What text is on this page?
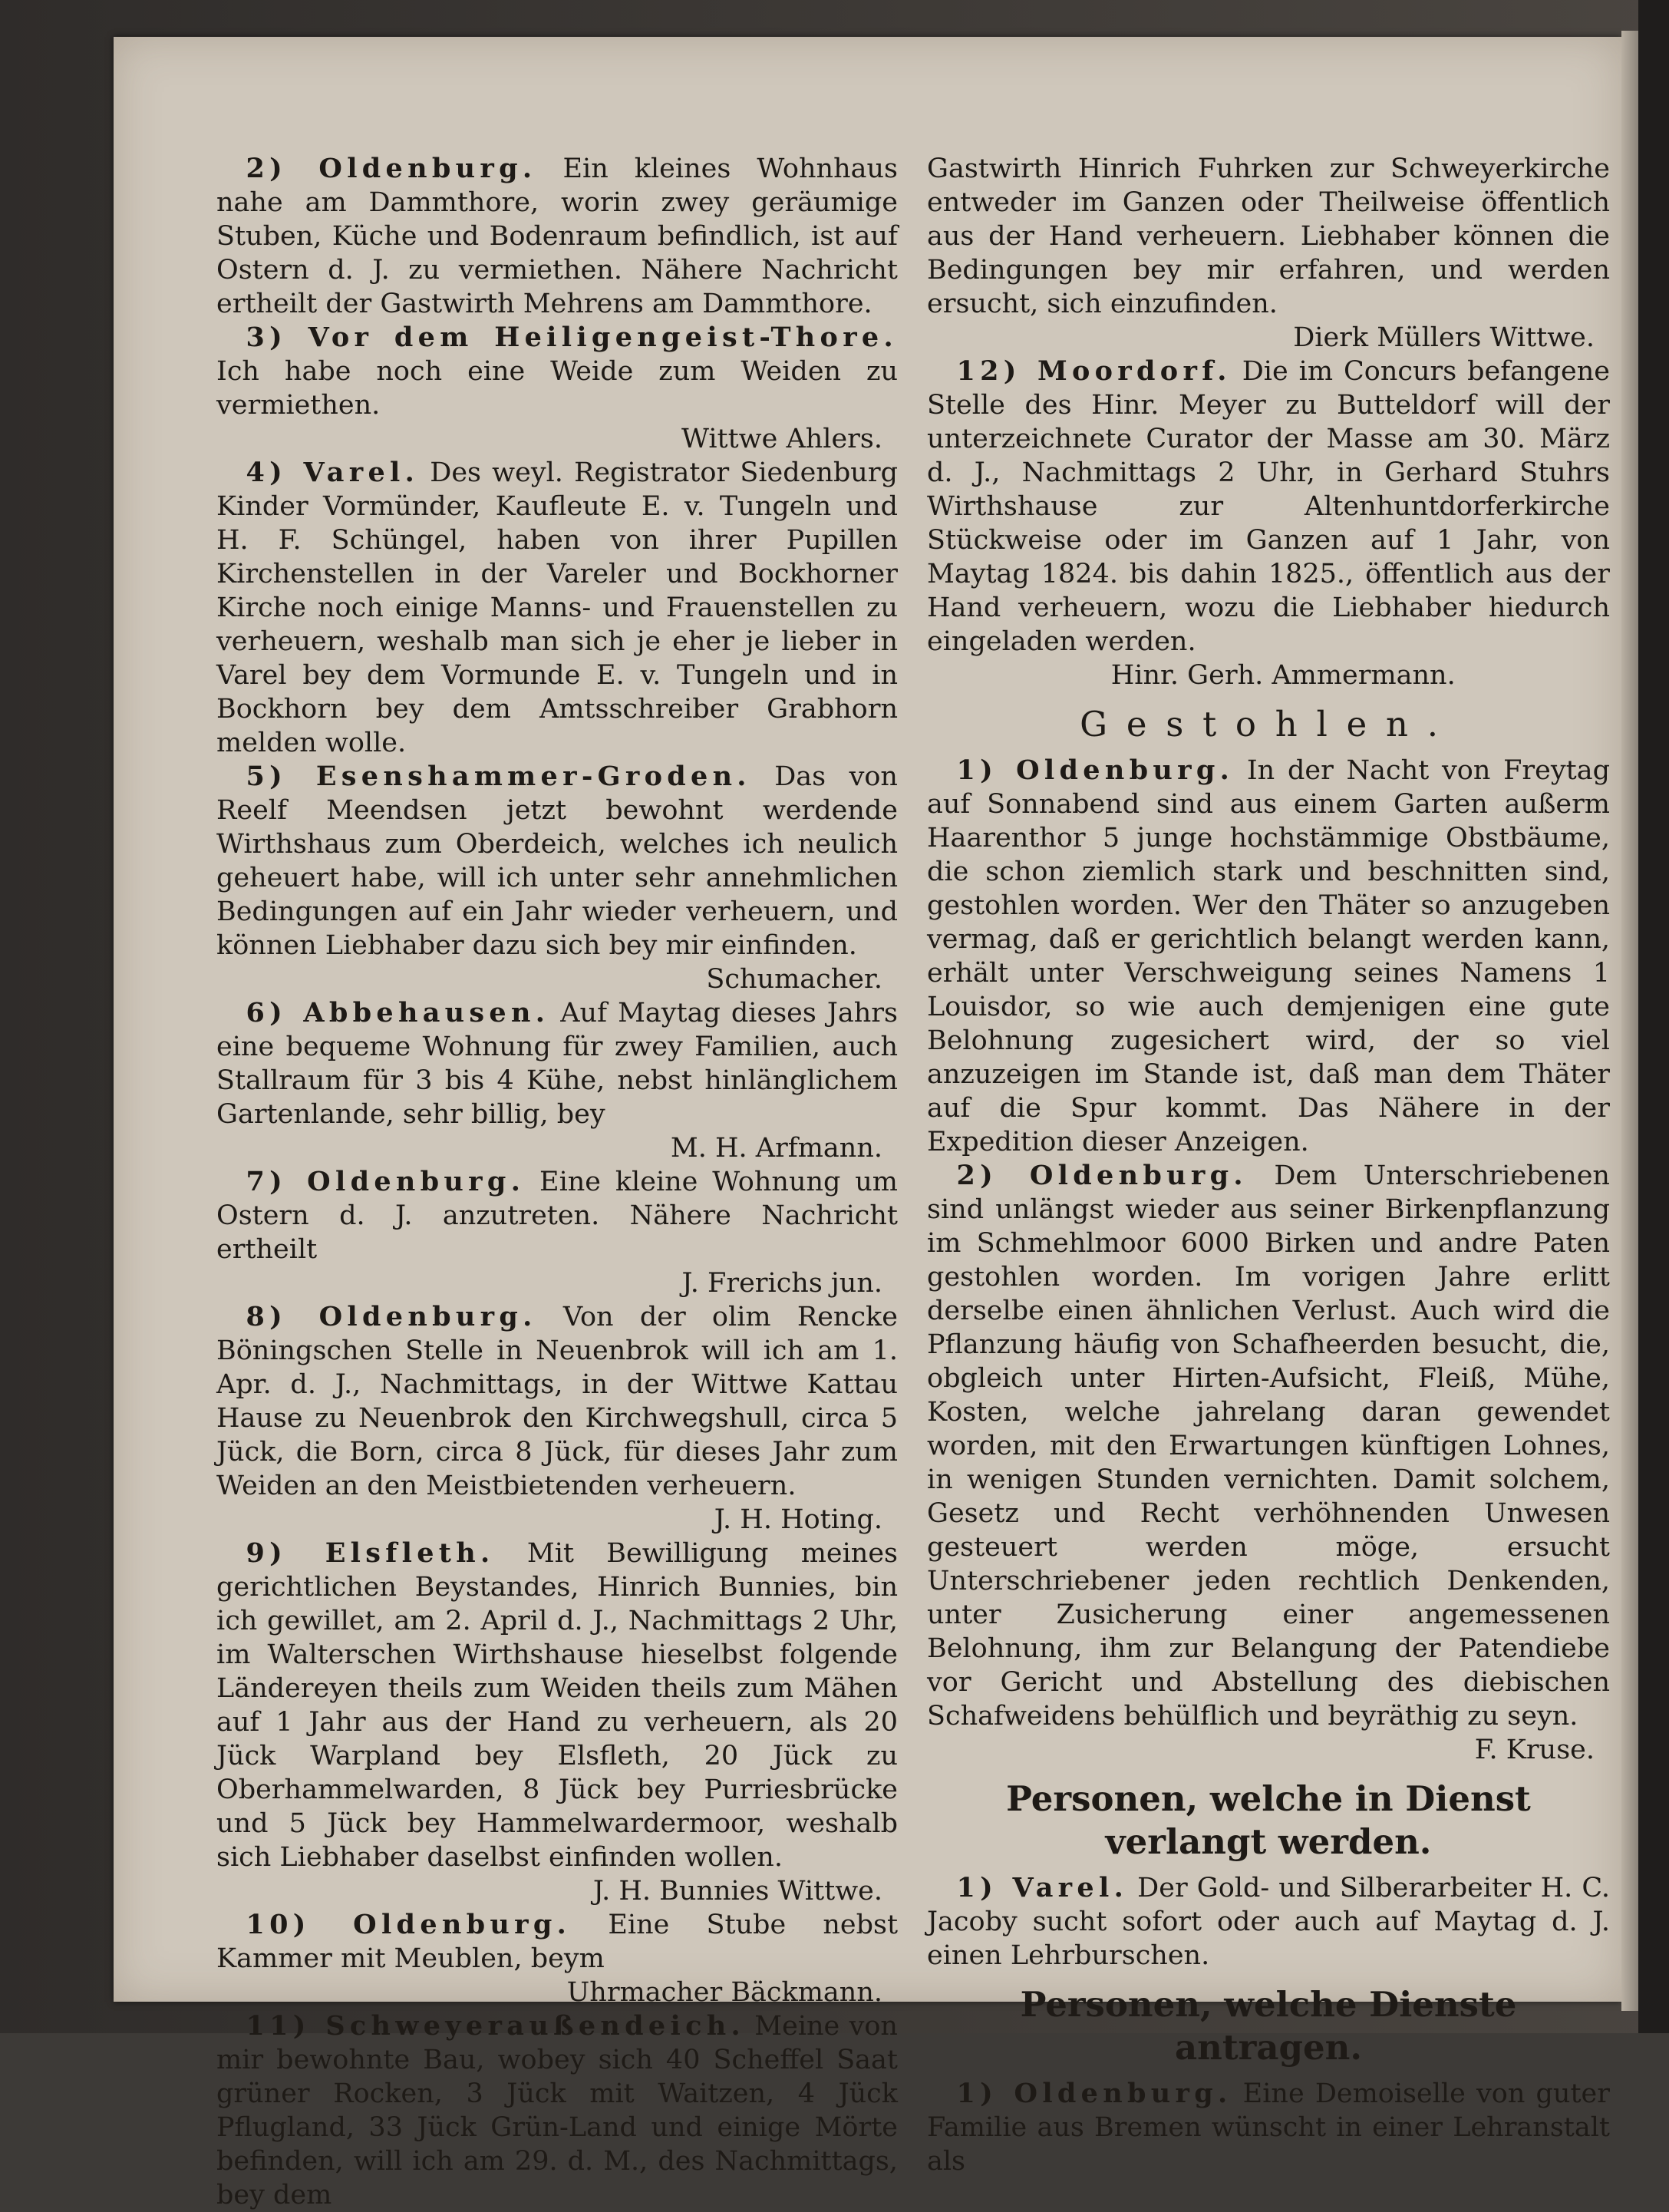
2) Oldenburg. Ein kleines Wohnhaus nahe am Dammthore, worin zwey geräumige Stuben, Küche und Bodenraum befindlich, ist auf Ostern d. J. zu vermiethen. Nähere Nachricht ertheilt der Gastwirth Mehrens am Dammthore.

3) Vor dem Heiligengeist-Thore. Ich habe noch eine Weide zum Weiden zu vermiethen.

Wittwe Ahlers.

4) Varel. Des weyl. Registrator Siedenburg Kinder Vormünder, Kaufleute E. v. Tungeln und H. F. Schüngel, haben von ihrer Pupillen Kirchenstellen in der Vareler und Bockhorner Kirche noch einige Manns- und Frauenstellen zu verheuern, weshalb man sich je eher je lieber in Varel bey dem Vormunde E. v. Tungeln und in Bockhorn bey dem Amtsschreiber Grabhorn melden wolle.

5) Esenshammer-Groden. Das von Reelf Meendsen jetzt bewohnt werdende Wirthshaus zum Oberdeich, welches ich neulich geheuert habe, will ich unter sehr annehmlichen Bedingungen auf ein Jahr wieder verheuern, und können Liebhaber dazu sich bey mir einfinden.

Schumacher.

6) Abbehausen. Auf Maytag dieses Jahrs eine bequeme Wohnung für zwey Familien, auch Stallraum für 3 bis 4 Kühe, nebst hinlänglichem Gartenlande, sehr billig, bey

M. H. Arfmann.

7) Oldenburg. Eine kleine Wohnung um Ostern d. J. anzutreten. Nähere Nachricht ertheilt

J. Frerichs jun.

8) Oldenburg. Von der olim Rencke Böningschen Stelle in Neuenbrok will ich am 1. Apr. d. J., Nachmittags, in der Wittwe Kattau Hause zu Neuenbrok den Kirchwegshull, circa 5 Jück, die Born, circa 8 Jück, für dieses Jahr zum Weiden an den Meistbietenden verheuern.

J. H. Hoting.

9) Elsfleth. Mit Bewilligung meines gerichtlichen Beystandes, Hinrich Bunnies, bin ich gewillet, am 2. April d. J., Nachmittags 2 Uhr, im Walterschen Wirthshause hieselbst folgende Ländereyen theils zum Weiden theils zum Mähen auf 1 Jahr aus der Hand zu verheuern, als 20 Jück Warpland bey Elsfleth, 20 Jück zu Oberhammelwarden, 8 Jück bey Purriesbrücke und 5 Jück bey Hammelwardermoor, weshalb sich Liebhaber daselbst einfinden wollen.

J. H. Bunnies Wittwe.

10) Oldenburg. Eine Stube nebst Kammer mit Meublen, beym

Uhrmacher Bäckmann.

11) Schweyeraußendeich. Meine von mir bewohnte Bau, wobey sich 40 Scheffel Saat grüner Rocken, 3 Jück mit Waitzen, 4 Jück Pflugland, 33 Jück Grün-Land und einige Mörte befinden, will ich am 29. d. M., des Nachmittags, bey dem

Gastwirth Hinrich Fuhrken zur Schweyerkirche entweder im Ganzen oder Theilweise öffentlich aus der Hand verheuern. Liebhaber können die Bedingungen bey mir erfahren, und werden ersucht, sich einzufinden.

Dierk Müllers Wittwe.

12) Moordorf. Die im Concurs befangene Stelle des Hinr. Meyer zu Butteldorf will der unterzeichnete Curator der Masse am 30. März d. J., Nachmittags 2 Uhr, in Gerhard Stuhrs Wirthshause zur Altenhuntdorferkirche Stückweise oder im Ganzen auf 1 Jahr, von Maytag 1824. bis dahin 1825., öffentlich aus der Hand verheuern, wozu die Liebhaber hiedurch eingeladen werden.

Hinr. Gerh. Ammermann.

Gestohlen.

1) Oldenburg. In der Nacht von Freytag auf Sonnabend sind aus einem Garten außerm Haarenthor 5 junge hochstämmige Obstbäume, die schon ziemlich stark und beschnitten sind, gestohlen worden. Wer den Thäter so anzugeben vermag, daß er gerichtlich belangt werden kann, erhält unter Verschweigung seines Namens 1 Louisdor, so wie auch demjenigen eine gute Belohnung zugesichert wird, der so viel anzuzeigen im Stande ist, daß man dem Thäter auf die Spur kommt. Das Nähere in der Expedition dieser Anzeigen.

2) Oldenburg. Dem Unterschriebenen sind unlängst wieder aus seiner Birkenpflanzung im Schmehlmoor 6000 Birken und andre Paten gestohlen worden. Im vorigen Jahre erlitt derselbe einen ähnlichen Verlust. Auch wird die Pflanzung häufig von Schafheerden besucht, die, obgleich unter Hirten-Aufsicht, Fleiß, Mühe, Kosten, welche jahrelang daran gewendet worden, mit den Erwartungen künftigen Lohnes, in wenigen Stunden vernichten. Damit solchem, Gesetz und Recht verhöhnenden Unwesen gesteuert werden möge, ersucht Unterschriebener jeden rechtlich Denkenden, unter Zusicherung einer angemessenen Belohnung, ihm zur Belangung der Patendiebe vor Gericht und Abstellung des diebischen Schafweidens behülflich und beyräthig zu seyn.

F. Kruse.

Personen, welche in Dienst verlangt werden.

1) Varel. Der Gold- und Silberarbeiter H. C. Jacoby sucht sofort oder auch auf Maytag d. J. einen Lehrburschen.

Personen, welche Dienste antragen.

1) Oldenburg. Eine Demoiselle von guter Familie aus Bremen wünscht in einer Lehranstalt als
